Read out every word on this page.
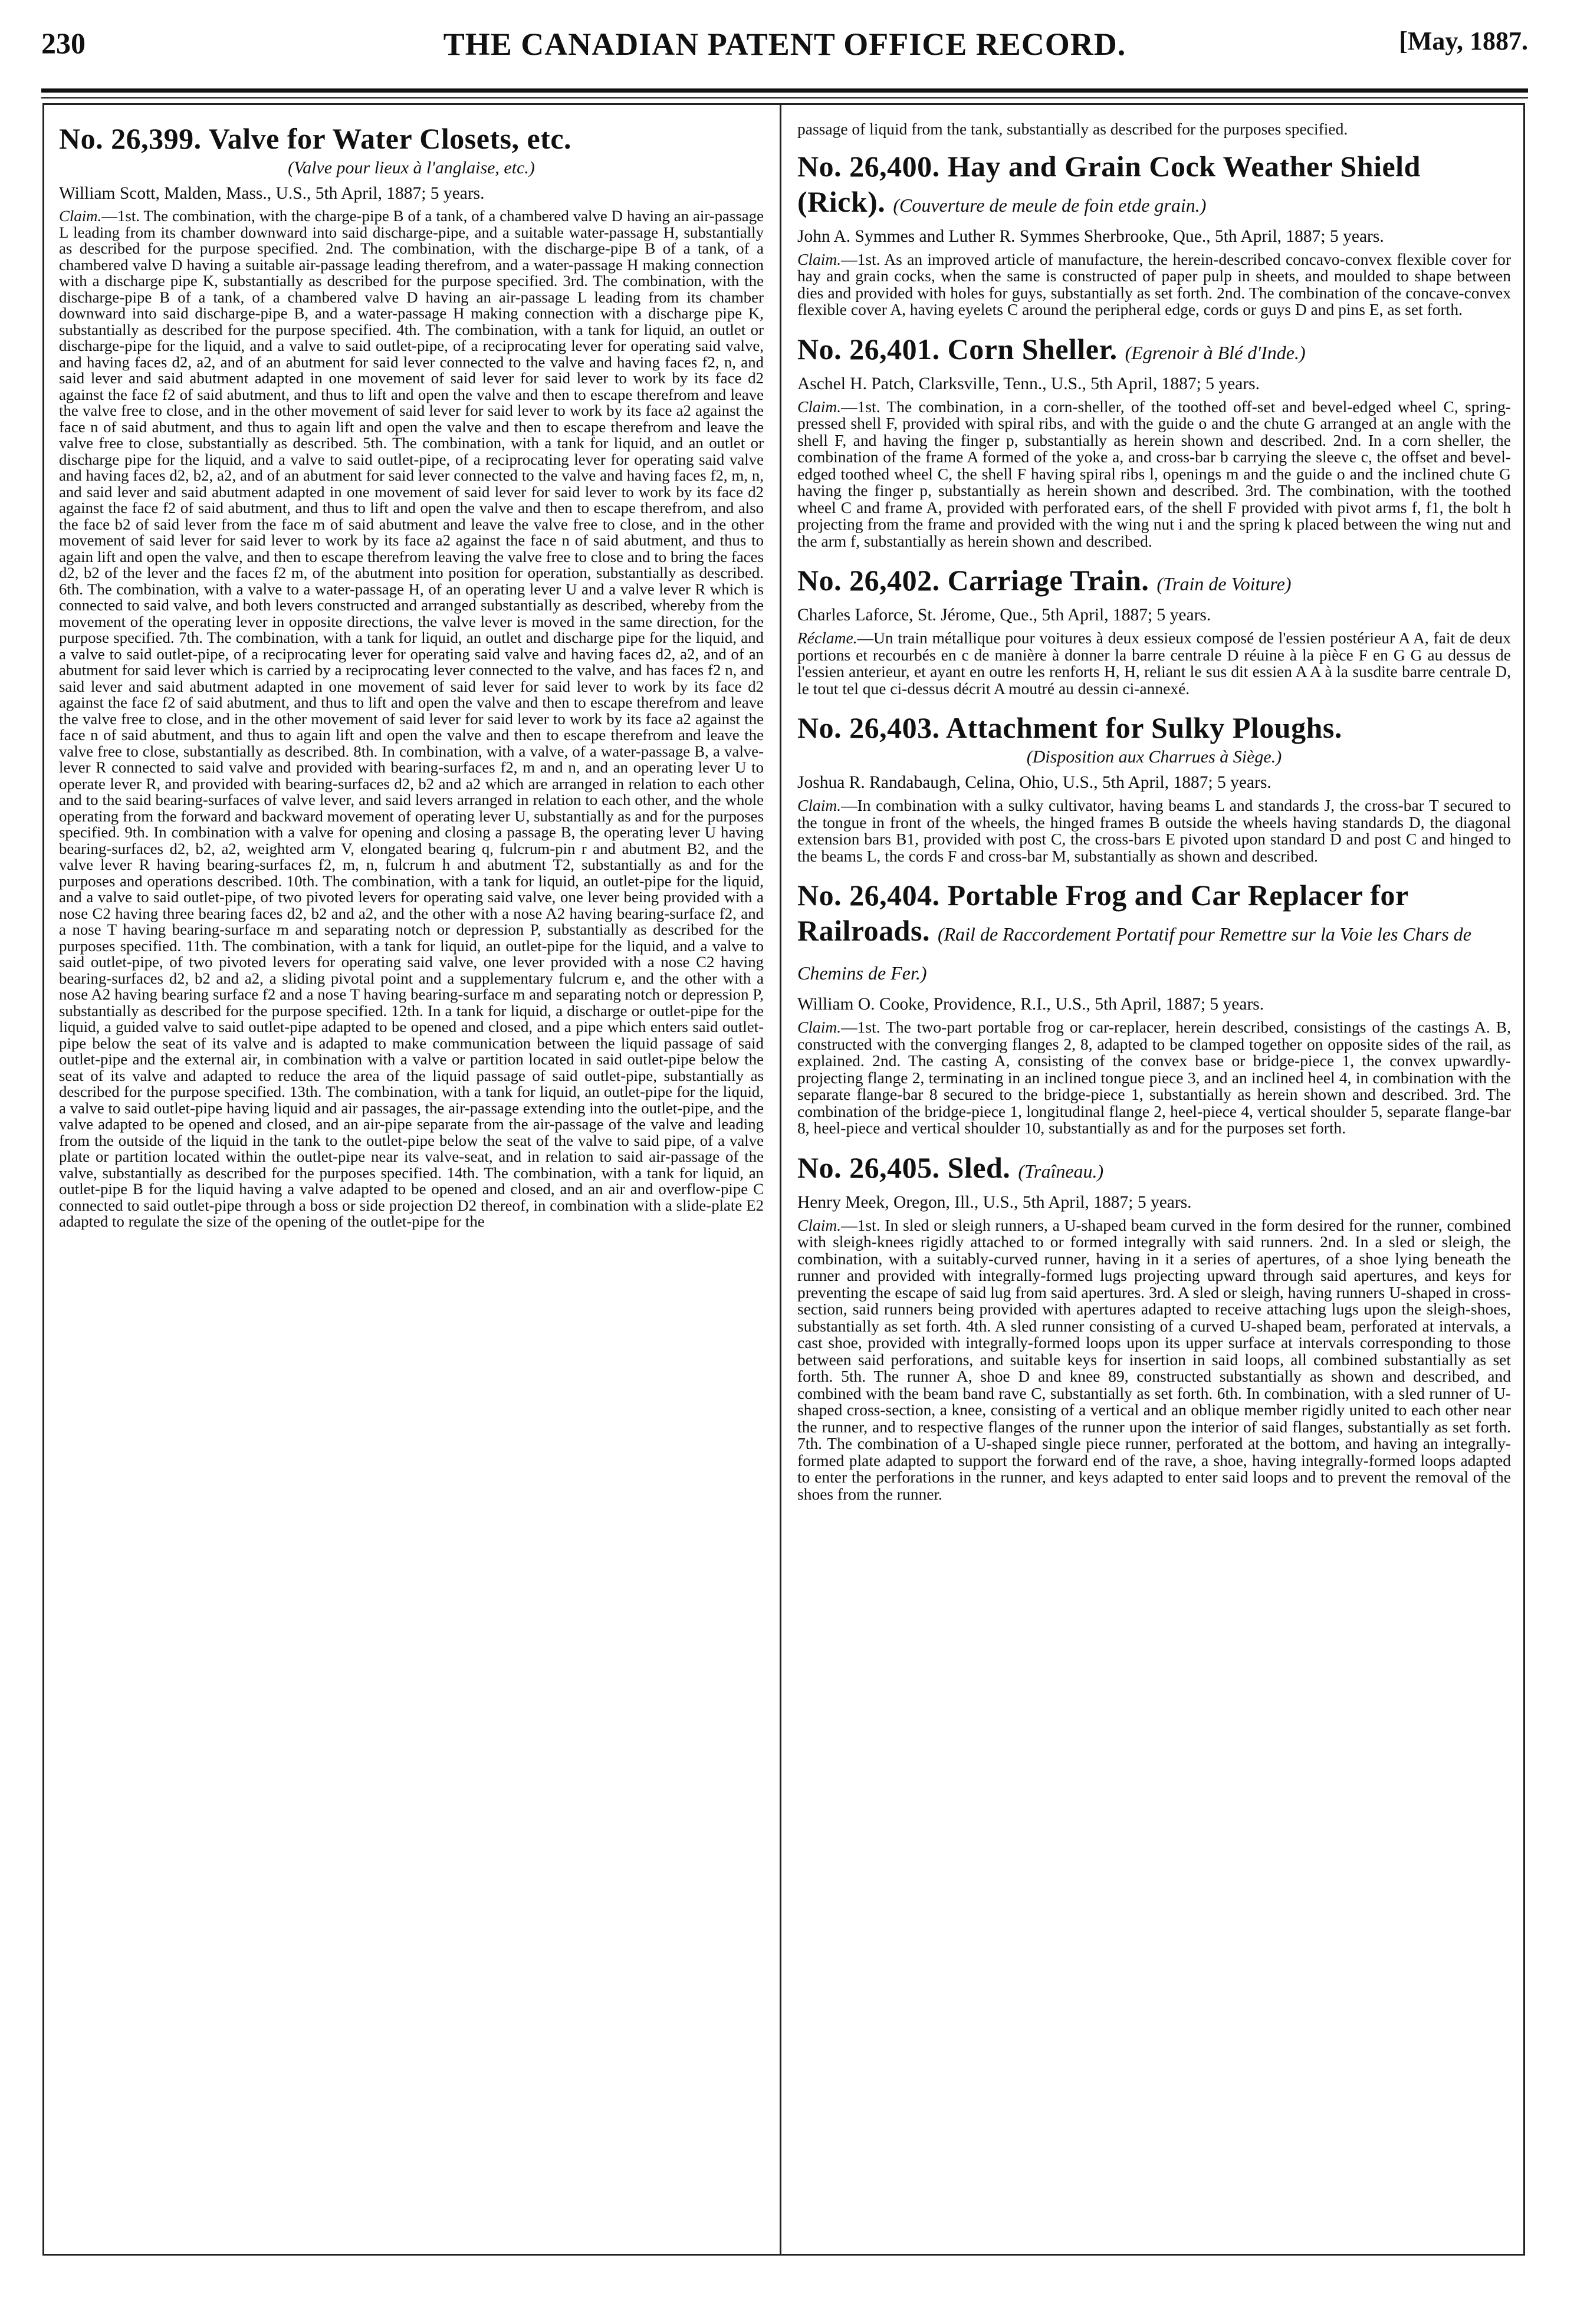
230	THE CANADIAN PATENT OFFICE RECORD.	[May, 1887.
No. 26,399. Valve for Water Closets, etc.
(Valve pour lieux à l'anglaise, etc.)
William Scott, Malden, Mass., U.S., 5th April, 1887; 5 years.

Claim.—1st. The combination, with the charge-pipe B of a tank, of a chambered valve D having an air-passage L leading from its chamber downward into said discharge-pipe, and a suitable water-passage H, substantially as described for the purpose specified. 2nd. The combination, with the discharge-pipe B of a tank, of a chambered valve D having a suitable air-passage leading therefrom, and a water-passage H making connection with a discharge pipe K, substantially as described for the purpose specified. 3rd. The combination, with the discharge-pipe B of a tank, of a chambered valve D having an air-passage L leading from its chamber downward into said discharge-pipe B, and a water-passage H making connection with a discharge pipe K, substantially as described for the purpose specified. 4th. The combination, with a tank for liquid, an outlet or discharge-pipe for the liquid, and a valve to said outlet-pipe, of a reciprocating lever for operating said valve, and having faces d2, a2, and of an abutment for said lever connected to the valve and having faces f2, n, and said lever and said abutment adapted in one movement of said lever for said lever to work by its face d2 against the face f2 of said abutment, and thus to lift and open the valve and then to escape therefrom and leave the valve free to close, and in the other movement of said lever for said lever to work by its face a2 against the face n of said abutment, and thus to again lift and open the valve and then to escape therefrom and leave the valve free to close, substantially as described. 5th. The combination, with a tank for liquid, and an outlet or discharge pipe for the liquid, and a valve to said outlet-pipe, of a reciprocating lever for operating said valve and having faces d2, b2, a2, and of an abutment for said lever connected to the valve and having faces f2, m, n, and said lever and said abutment adapted in one movement of said lever for said lever to work by its face d2 against the face f2 of said abutment, and thus to lift and open the valve and then to escape therefrom, and also the face b2 of said lever from the face m of said abutment and leave the valve free to close, and in the other movement of said lever for said lever to work by its face a2 against the face n of said abutment, and thus to again lift and open the valve, and then to escape therefrom leaving the valve free to close and to bring the faces d2, b2 of the lever and the faces f2 m, of the abutment into position for operation, substantially as described. 6th. The combination, with a valve to a water-passage H, of an operating lever U and a valve lever R which is connected to said valve, and both levers constructed and arranged substantially as described, whereby from the movement of the operating lever in opposite directions, the valve lever is moved in the same direction, for the purpose specified. 7th. The combination, with a tank for liquid, an outlet and discharge pipe for the liquid, and a valve to said outlet-pipe, of a reciprocating lever for operating said valve and having faces d2, a2, and of an abutment for said lever which is carried by a reciprocating lever connected to the valve, and has faces f2 n, and said lever and said abutment adapted in one movement of said lever for said lever to work by its face d2 against the face f2 of said abutment, and thus to lift and open the valve and then to escape therefrom and leave the valve free to close, and in the other movement of said lever for said lever to work by its face a2 against the face n of said abutment, and thus to again lift and open the valve and then to escape therefrom and leave the valve free to close, substantially as described. 8th. In combination, with a valve, of a water-passage B, a valve-lever R connected to said valve and provided with bearing-surfaces f2, m and n, and an operating lever U to operate lever R, and provided with bearing-surfaces d2, b2 and a2 which are arranged in relation to each other and to the said bearing-surfaces of valve lever, and said levers arranged in relation to each other, and the whole operating from the forward and backward movement of operating lever U, substantially as and for the purposes specified. 9th. In combination with a valve for opening and closing a passage B, the operating lever U having bearing-surfaces d2, b2, a2, weighted arm V, elongated bearing q, fulcrum-pin r and abutment B2, and the valve lever R having bearing-surfaces f2, m, n, fulcrum h and abutment T2, substantially as and for the purposes and operations described. 10th. The combination, with a tank for liquid, an outlet-pipe for the liquid, and a valve to said outlet-pipe, of two pivoted levers for operating said valve, one lever being provided with a nose C2 having three bearing faces d2, b2 and a2, and the other with a nose A2 having bearing-surface f2, and a nose T having bearing-surface m and separating notch or depression P, substantially as described for the purposes specified. 11th. The combination, with a tank for liquid, an outlet-pipe for the liquid, and a valve to said outlet-pipe, of two pivoted levers for operating said valve, one lever provided with a nose C2 having bearing-surfaces d2, b2 and a2, a sliding pivotal point and a supplementary fulcrum e, and the other with a nose A2 having bearing surface f2 and a nose T having bearing-surface m and separating notch or depression P, substantially as described for the purpose specified. 12th. In a tank for liquid, a discharge or outlet-pipe for the liquid, a guided valve to said outlet-pipe adapted to be opened and closed, and a pipe which enters said outlet-pipe below the seat of its valve and is adapted to make communication between the liquid passage of said outlet-pipe and the external air, in combination with a valve or partition located in said outlet-pipe below the seat of its valve and adapted to reduce the area of the liquid passage of said outlet-pipe, substantially as described for the purpose specified. 13th. The combination, with a tank for liquid, an outlet-pipe for the liquid, a valve to said outlet-pipe having liquid and air passages, the air-passage extending into the outlet-pipe, and the valve adapted to be opened and closed, and an air-pipe separate from the air-passage of the valve and leading from the outside of the liquid in the tank to the outlet-pipe below the seat of the valve to said pipe, of a valve plate or partition located within the outlet-pipe near its valve-seat, and in relation to said air-passage of the valve, substantially as described for the purposes specified. 14th. The combination, with a tank for liquid, an outlet-pipe B for the liquid having a valve adapted to be opened and closed, and an air and overflow-pipe C connected to said outlet-pipe through a boss or side projection D2 thereof, in combination with a slide-plate E2 adapted to regulate the size of the opening of the outlet-pipe for the

passage of liquid from the tank, substantially as described for the purposes specified.

No. 26,400. Hay and Grain Cock Weather Shield (Rick). (Couverture de meule de foin etde grain.)
John A. Symmes and Luther R. Symmes Sherbrooke, Que., 5th April, 1887; 5 years.

Claim.—1st. As an improved article of manufacture, the herein-described concavo-convex flexible cover for hay and grain cocks, when the same is constructed of paper pulp in sheets, and moulded to shape between dies and provided with holes for guys, substantially as set forth. 2nd. The combination of the concave-convex flexible cover A, having eyelets C around the peripheral edge, cords or guys D and pins E, as set forth.

No. 26,401. Corn Sheller. (Egrenoir à Blé d'Inde.)
Aschel H. Patch, Clarksville, Tenn., U.S., 5th April, 1887; 5 years.

Claim.—1st. The combination, in a corn-sheller, of the toothed off-set and bevel-edged wheel C, spring-pressed shell F, provided with spiral ribs, and with the guide o and the chute G arranged at an angle with the shell F, and having the finger p, substantially as herein shown and described. 2nd. In a corn sheller, the combination of the frame A formed of the yoke a, and cross-bar b carrying the sleeve c, the offset and bevel-edged toothed wheel C, the shell F having spiral ribs l, openings m and the guide o and the inclined chute G having the finger p, substantially as herein shown and described. 3rd. The combination, with the toothed wheel C and frame A, provided with perforated ears, of the shell F provided with pivot arms f, f1, the bolt h projecting from the frame and provided with the wing nut i and the spring k placed between the wing nut and the arm f, substantially as herein shown and described.

No. 26,402. Carriage Train. (Train de Voiture)
Charles Laforce, St. Jérome, Que., 5th April, 1887; 5 years.

Réclame.—Un train métallique pour voitures à deux essieux composé de l'essien postérieur A A, fait de deux portions et recourbés en c de manière à donner la barre centrale D réuine à la pièce F en G G au dessus de l'essien anterieur, et ayant en outre les renforts H, H, reliant le sus dit essien A A à la susdite barre centrale D, le tout tel que ci-dessus décrit A moutré au dessin ci-annexé.

No. 26,403. Attachment for Sulky Ploughs.
(Disposition aux Charrues à Siège.)
Joshua R. Randabaugh, Celina, Ohio, U.S., 5th April, 1887; 5 years.

Claim.—In combination with a sulky cultivator, having beams L and standards J, the cross-bar T secured to the tongue in front of the wheels, the hinged frames B outside the wheels having standards D, the diagonal extension bars B1, provided with post C, the cross-bars E pivoted upon standard D and post C and hinged to the beams L, the cords F and cross-bar M, substantially as shown and described.

No. 26,404. Portable Frog and Car Replacer for Railroads. (Rail de Raccordement Portatif pour Remettre sur la Voie les Chars de Chemins de Fer.)
William O. Cooke, Providence, R.I., U.S., 5th April, 1887; 5 years.

Claim.—1st. The two-part portable frog or car-replacer, herein described, consistings of the castings A. B, constructed with the converging flanges 2, 8, adapted to be clamped together on opposite sides of the rail, as explained. 2nd. The casting A, consisting of the convex base or bridge-piece 1, the convex upwardly-projecting flange 2, terminating in an inclined tongue piece 3, and an inclined heel 4, in combination with the separate flange-bar 8 secured to the bridge-piece 1, substantially as herein shown and described. 3rd. The combination of the bridge-piece 1, longitudinal flange 2, heel-piece 4, vertical shoulder 5, separate flange-bar 8, heel-piece and vertical shoulder 10, substantially as and for the purposes set forth.

No. 26,405. Sled. (Traîneau.)
Henry Meek, Oregon, Ill., U.S., 5th April, 1887; 5 years.

Claim.—1st. In sled or sleigh runners, a U-shaped beam curved in the form desired for the runner, combined with sleigh-knees rigidly attached to or formed integrally with said runners. 2nd. In a sled or sleigh, the combination, with a suitably-curved runner, having in it a series of apertures, of a shoe lying beneath the runner and provided with integrally-formed lugs projecting upward through said apertures, and keys for preventing the escape of said lug from said apertures. 3rd. A sled or sleigh, having runners U-shaped in cross-section, said runners being provided with apertures adapted to receive attaching lugs upon the sleigh-shoes, substantially as set forth. 4th. A sled runner consisting of a curved U-shaped beam, perforated at intervals, a cast shoe, provided with integrally-formed loops upon its upper surface at intervals corresponding to those between said perforations, and suitable keys for insertion in said loops, all combined substantially as set forth. 5th. The runner A, shoe D and knee 89, constructed substantially as shown and described, and combined with the beam band rave C, substantially as set forth. 6th. In combination, with a sled runner of U-shaped cross-section, a knee, consisting of a vertical and an oblique member rigidly united to each other near the runner, and to respective flanges of the runner upon the interior of said flanges, substantially as set forth. 7th. The combination of a U-shaped single piece runner, perforated at the bottom, and having an integrally-formed plate adapted to support the forward end of the rave, a shoe, having integrally-formed loops adapted to enter the perforations in the runner, and keys adapted to enter said loops and to prevent the removal of the shoes from the runner.
